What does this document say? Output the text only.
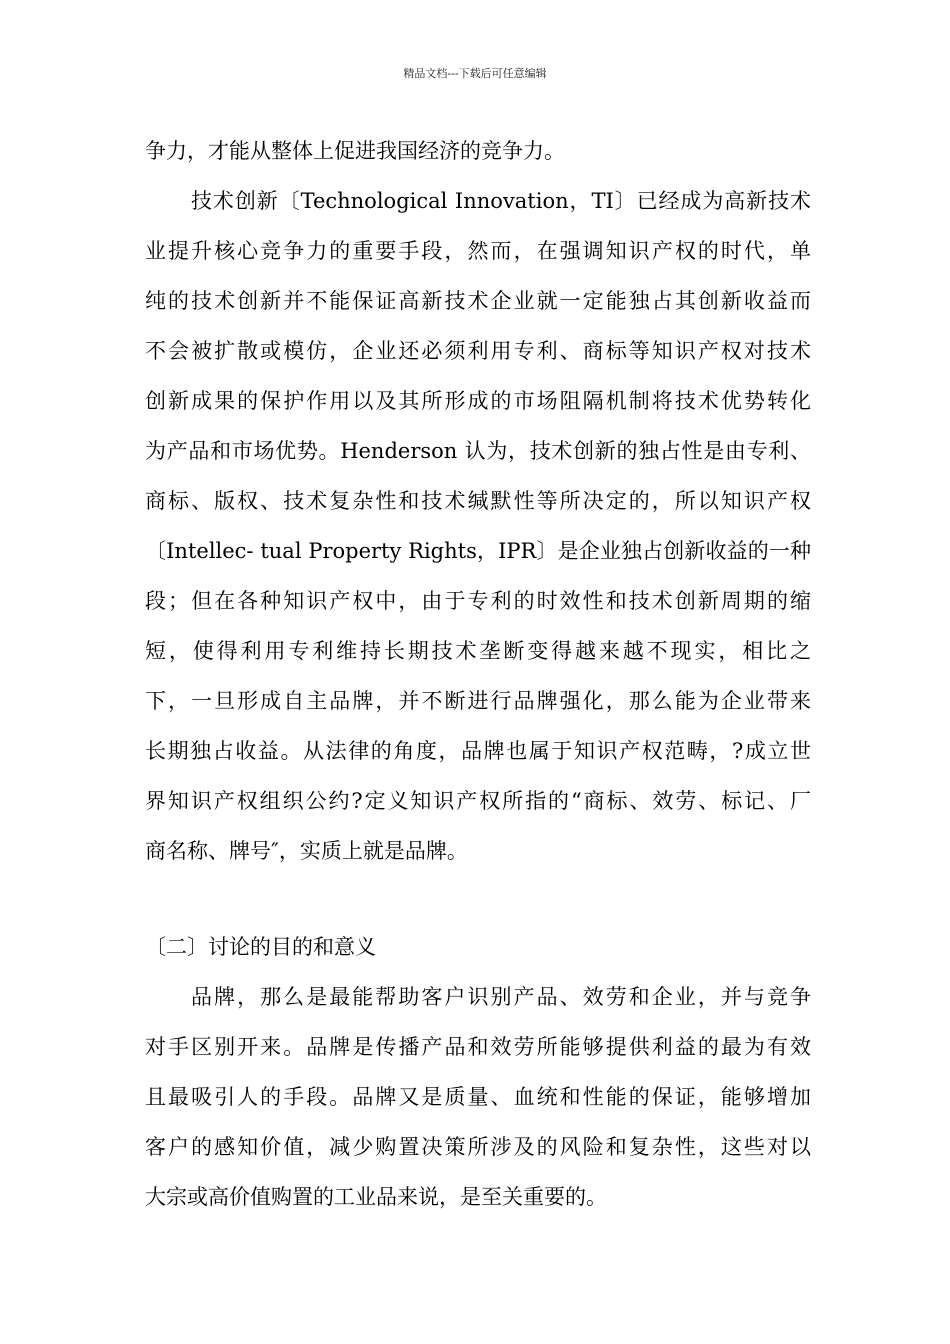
精品文档---下载后可任意编辑
争力，才能从整体上促进我国经济的竞争力。
技术创新〔Technological Innovation，TI〕已经成为高新技术
业提升核心竞争力的重要手段，然而，在强调知识产权的时代，单
纯的技术创新并不能保证高新技术企业就一定能独占其创新收益而
不会被扩散或模仿，企业还必须利用专利、商标等知识产权对技术
创新成果的保护作用以及其所形成的市场阻隔机制将技术优势转化
为产品和市场优势。Henderson 认为，技术创新的独占性是由专利、
商标、版权、技术复杂性和技术缄默性等所决定的，所以知识产权
〔Intellec- tual Property Rights，IPR〕是企业独占创新收益的一种
段；但在各种知识产权中，由于专利的时效性和技术创新周期的缩
短，使得利用专利维持长期技术垄断变得越来越不现实，相比之
下，一旦形成自主品牌，并不断进行品牌强化，那么能为企业带来
长期独占收益。从法律的角度，品牌也属于知识产权范畴，?成立世
界知识产权组织公约?定义知识产权所指的“商标、效劳、标记、厂
商名称、牌号″，实质上就是品牌。
〔二〕讨论的目的和意义
品牌，那么是最能帮助客户识别产品、效劳和企业，并与竞争
对手区别开来。品牌是传播产品和效劳所能够提供利益的最为有效
且最吸引人的手段。品牌又是质量、血统和性能的保证，能够增加
客户的感知价值，减少购置决策所涉及的风险和复杂性，这些对以
大宗或高价值购置的工业品来说，是至关重要的。
